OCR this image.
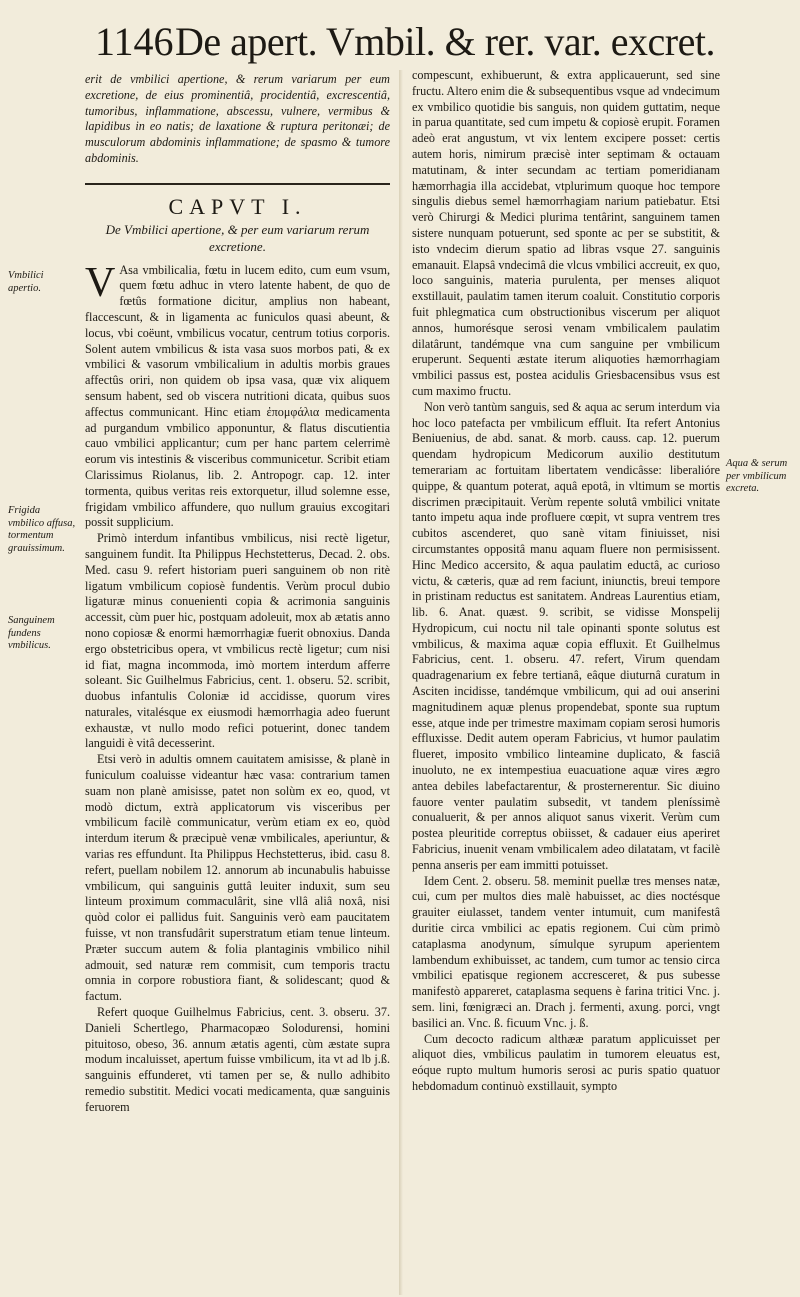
1146 De apert. Vmbil. & rer. var. excret.

erit de vmbilici apertione, & rerum variarum per eum excretione, de eius prominentiâ, procidentiâ, excrescentiâ, tumoribus, inflammatione, abscessu, vulnere, vermibus & lapidibus in eo natis; de laxatione & ruptura peritonæi; de musculorum abdominis inflammatione; de spasmo & tumore abdominis.

CAPVT I.
De Vmbilici apertione, & per eum variarum rerum excretione.

V Asa vmbilicalia, fœtu in lucem edito, cum eum vsum, quem fœtu adhuc in vtero latente habent, de quo de fœtûs formatione dicitur, amplius non habeant, flaccescunt, & in ligamenta ac funiculos quasi abeunt, & locus, vbi coëunt, vmbilicus vocatur, centrum totius corporis. Solent autem vmbilicus & ista vasa suos morbos pati, & ex vmbilici & vasorum vmbilicalium in adultis morbis graues affectûs oriri, non quidem ob ipsa vasa, quæ vix aliquem sensum habent, sed ob viscera nutritioni dicata, quibus suos affectus communicant. Hinc etiam ἐπομφάλια medicamenta ad purgandum vmbilico apponuntur, & flatus discutientia cauo vmbilici applicantur; cum per hanc partem celerrimè eorum vis intestinis & visceribus communicetur. Scribit etiam Clarissimus Riolanus, lib. 2. Antropogr. cap. 12. inter tormenta, quibus veritas reis extorquetur, illud solemne esse, frigidam vmbilico affundere, quo nullum grauius excogitari possit supplicium.

Primò interdum infantibus vmbilicus, nisi rectè ligetur, sanguinem fundit. Ita Philippus Hechstetterus, Decad. 2. obs. Med. casu 9. refert historiam pueri sanguinem ob non ritè ligatum vmbilicum copiosè fundentis. Verùm procul dubio ligaturæ minus conuenienti copia & acrimonia sanguinis accessit, cùm puer hic, postquam adoleuit, mox ab ætatis anno nono copiosæ & enormi hæmorrhagiæ fuerit obnoxius. Danda ergo obstetricibus opera, vt vmbilicus rectè ligetur; cum nisi id fiat, magna incommoda, imò mortem interdum afferre soleant. Sic Guilhelmus Fabricius, cent. 1. obseru. 52. scribit, duobus infantulis Coloniæ id accidisse, quorum vires naturales, vitalésque ex eiusmodi hæmorrhagia adeo fuerunt exhaustæ, vt nullo modo refici potuerint, donec tandem languidi è vitâ decesserint.

Etsi verò in adultis omnem cauitatem amisisse, & planè in funiculum coaluisse videantur hæc vasa: contrarium tamen suam non planè amisisse, patet non solùm ex eo, quod, vt modò dictum, extrà applicatorum vis visceribus per vmbilicum facilè communicatur, verùm etiam ex eo, quòd interdum iterum & præcipuè venæ vmbilicales, aperiuntur, & varias res effundunt. Ita Philippus Hechstetterus, ibid. casu 8. refert, puellam nobilem 12. annorum ab incunabulis habuisse vmbilicum, qui sanguinis guttâ leuiter induxit, sum seu linteum proximum commaculârit, sine vllâ aliâ noxâ, nisi quòd color ei pallidus fuit. Sanguinis verò eam paucitatem fuisse, vt non transfudârit superstratum etiam tenue linteum. Præter succum autem & folia plantaginis vmbilico nihil admouit, sed naturæ rem commisit, cum temporis tractu omnia in corpore robustiora fiant, & solidescant; quod & factum.

Refert quoque Guilhelmus Fabricius, cent. 3. obseru. 37. Danieli Schertlego, Pharmacopæo Solodurensi, homini pituitoso, obeso, 36. annum ætatis agenti, cùm æstate supra modum incaluisset, apertum fuisse vmbilicum, ita vt ad lb j.ß. sanguinis effunderet, vti tamen per se, & nullo adhibito remedio substitit. Medici vocati medicamenta, quæ sanguinis feruorem

compescunt, exhibuerunt, & extra applicauerunt, sed sine fructu. Altero enim die & subsequentibus vsque ad vndecimum ex vmbilico quotidie bis sanguis, non quidem guttatim, neque in parua quantitate, sed cum impetu & copiosè erupit. Foramen adeò erat angustum, vt vix lentem excipere posset: certis autem horis, nimirum præcisè inter septimam & octauam matutinam, & inter secundam ac tertiam pomeridianam hæmorrhagia illa accidebat, vtplurimum quoque hoc tempore singulis diebus semel hæmorrhagiam narium patiebatur. Etsi verò Chirurgi & Medici plurima tentârint, sanguinem tamen sistere nunquam potuerunt, sed sponte ac per se substitit, & isto vndecim dierum spatio ad libras vsque 27. sanguinis emanauit. Elapsâ vndecimâ die vlcus vmbilici accreuit, ex quo, loco sanguinis, materia purulenta, per menses aliquot exstillauit, paulatim tamen iterum coaluit. Constitutio corporis fuit phlegmatica cum obstructionibus viscerum per aliquot annos, humorésque serosi venam vmbilicalem paulatim dilatârunt, tandémque vna cum sanguine per vmbilicum eruperunt. Sequenti æstate iterum aliquoties hæmorrhagiam vmbilici passus est, postea acidulis Griesbacensibus vsus est cum maximo fructu.

Non verò tantùm sanguis, sed & aqua ac serum interdum via hoc loco patefacta per vmbilicum effluit. Ita refert Antonius Beniuenius, de abd. sanat. & morb. causs. cap. 12. puerum quendam hydropicum Medicorum auxilio destitutum temerariam ac fortuitam libertatem vendicâsse: liberalióre quippe, & quantum poterat, aquâ epotâ, in vltimum se mortis discrimen præcipitauit. Verùm repente solutâ vmbilici vnitate tanto impetu aqua inde profluere cœpit, vt supra ventrem tres cubitos ascenderet, quo sanè vitam finiuisset, nisi circumstantes oppositâ manu aquam fluere non permisissent. Hinc Medico accersito, & aqua paulatim eductâ, ac curioso victu, & cæteris, quæ ad rem faciunt, iniunctis, breui tempore in pristinam reductus est sanitatem. Andreas Laurentius etiam, lib. 6. Anat. quæst. 9. scribit, se vidisse Monspelij Hydropicum, cui noctu nil tale opinanti sponte solutus est vmbilicus, & maxima aquæ copia effluxit. Et Guilhelmus Fabricius, cent. 1. obseru. 47. refert, Virum quendam quadragenarium ex febre tertianâ, eâque diuturnâ curatum in Asciten incidisse, tandémque vmbilicum, qui ad oui anserini magnitudinem aquæ plenus propendebat, sponte sua ruptum esse, atque inde per trimestre maximam copiam serosi humoris effluxisse. Dedit autem operam Fabricius, vt humor paulatim flueret, imposito vmbilico linteamine duplicato, & fasciâ inuoluto, ne ex intempestiua euacuatione aquæ vires ægro antea debiles labefactarentur, & prosternerentur. Sic diuino fauore venter paulatim subsedit, vt tandem pleníssimè conualuerit, & per annos aliquot sanus vixerit. Verùm cum postea pleuritide correptus obiisset, & cadauer eius aperiret Fabricius, inuenit venam vmbilicalem adeo dilatatam, vt facilè penna anseris per eam immitti potuisset.

Idem Cent. 2. obseru. 58. meminit puellæ tres menses natæ, cui, cum per multos dies malè habuisset, ac dies noctésque grauiter eiulasset, tandem venter intumuit, cum manifestâ duritie circa vmbilici ac epatis regionem. Cui cùm primò cataplasma anodynum, símulque syrupum aperientem lambendum exhibuisset, ac tandem, cum tumor ac tensio circa vmbilici epatisque regionem accresceret, & pus subesse manifestò appareret, cataplasma sequens è farina tritici Vnc. j. sem. lini, fœnigræci an. Drach j. fermenti, axung. porci, vngt basilici an. Vnc. ß. ficuum Vnc. j. ß.

Cum decocto radicum althææ paratum applicuisset per aliquot dies, vmbilicus paulatim in tumorem eleuatus est, eóque rupto multum humoris serosi ac puris spatio quatuor hebdomadum continuò exstillauit, sympto

Vmbilici apertio.
Frigida vmbilico affusa, tormentum grauissimum.
Sanguinem fundens vmbilicus.
Aqua & serum per vmbilicum excreta.
